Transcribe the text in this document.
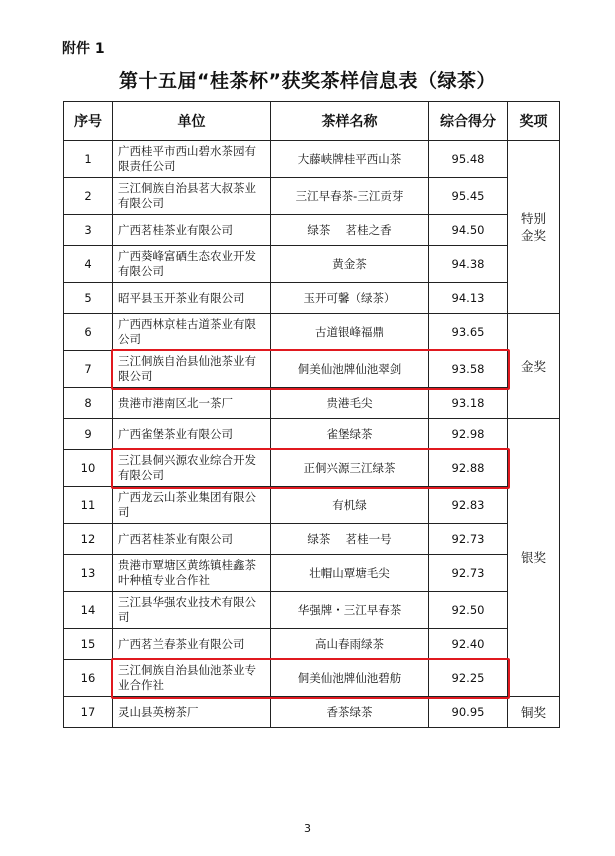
附件 1
第十五届“桂茶杯”获奖茶样信息表（绿茶）
序号	单位	茶样名称	综合得分	奖项
1	广西桂平市西山碧水茶园有限责任公司	大藤峡牌桂平西山茶	95.48	特别金奖
2	三江侗族自治县茗大叔茶业有限公司	三江早春茶-三江贡芽	95.45	
3	广西茗桂茶业有限公司	绿茶　 茗桂之香	94.50	
4	广西葵峰富硒生态农业开发有限公司	黄金茶	94.38	
5	昭平县玉开茶业有限公司	玉开可馨（绿茶）	94.13	
6	广西西林京桂古道茶业有限公司	古道银峰福鼎	93.65	金奖
7	三江侗族自治县仙池茶业有限公司	侗美仙池牌仙池翠剑	93.58	
8	贵港市港南区北一茶厂	贵港毛尖	93.18	
9	广西雀堡茶业有限公司	雀堡绿茶	92.98	银奖
10	三江县侗兴源农业综合开发有限公司	正侗兴源三江绿茶	92.88	
11	广西龙云山茶业集团有限公司	有机绿	92.83	
12	广西茗桂茶业有限公司	绿茶　 茗桂一号	92.73	
13	贵港市覃塘区黄练镇桂鑫茶叶种植专业合作社	壮帽山覃塘毛尖	92.73	
14	三江县华强农业技术有限公司	华强牌・三江早春茶	92.50	
15	广西茗兰春茶业有限公司	高山春雨绿茶	92.40	
16	三江侗族自治县仙池茶业专业合作社	侗美仙池牌仙池碧舫	92.25	
17	灵山县英榜茶厂	香茶绿茶	90.95	铜奖
3
